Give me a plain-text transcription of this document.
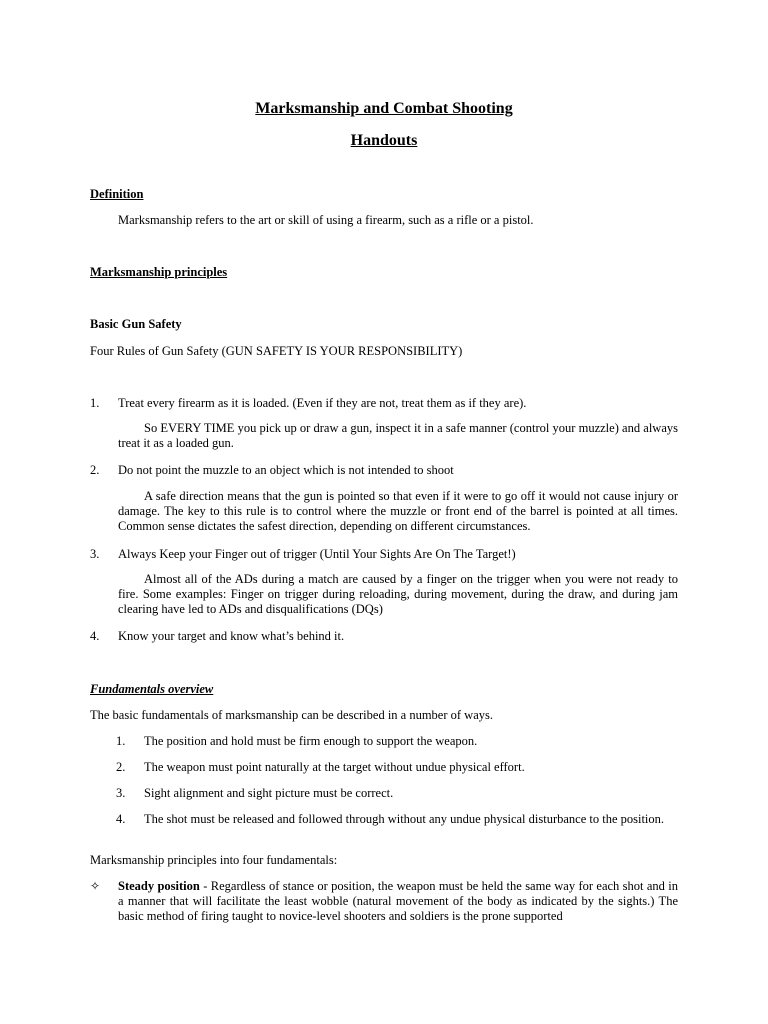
Marksmanship and Combat Shooting
Handouts
Definition
Marksmanship refers to the art or skill of using a firearm, such as a rifle or a pistol.
Marksmanship principles
Basic Gun Safety
Four Rules of Gun Safety (GUN SAFETY IS YOUR RESPONSIBILITY)
1. Treat every firearm as it is loaded. (Even if they are not, treat them as if they are).
So EVERY TIME you pick up or draw a gun, inspect it in a safe manner (control your muzzle) and always treat it as a loaded gun.
2. Do not point the muzzle to an object which is not intended to shoot
A safe direction means that the gun is pointed so that even if it were to go off it would not cause injury or damage. The key to this rule is to control where the muzzle or front end of the barrel is pointed at all times. Common sense dictates the safest direction, depending on different circumstances.
3. Always Keep your Finger out of trigger (Until Your Sights Are On The Target!)
Almost all of the ADs during a match are caused by a finger on the trigger when you were not ready to fire. Some examples: Finger on trigger during reloading, during movement, during the draw, and during jam clearing have led to ADs and disqualifications (DQs)
4. Know your target and know what’s behind it.
Fundamentals overview
The basic fundamentals of marksmanship can be described in a number of ways.
1. The position and hold must be firm enough to support the weapon.
2. The weapon must point naturally at the target without undue physical effort.
3. Sight alignment and sight picture must be correct.
4. The shot must be released and followed through without any undue physical disturbance to the position.
Marksmanship principles into four fundamentals:
✧ Steady position - Regardless of stance or position, the weapon must be held the same way for each shot and in a manner that will facilitate the least wobble (natural movement of the body as indicated by the sights.) The basic method of firing taught to novice-level shooters and soldiers is the prone supported
